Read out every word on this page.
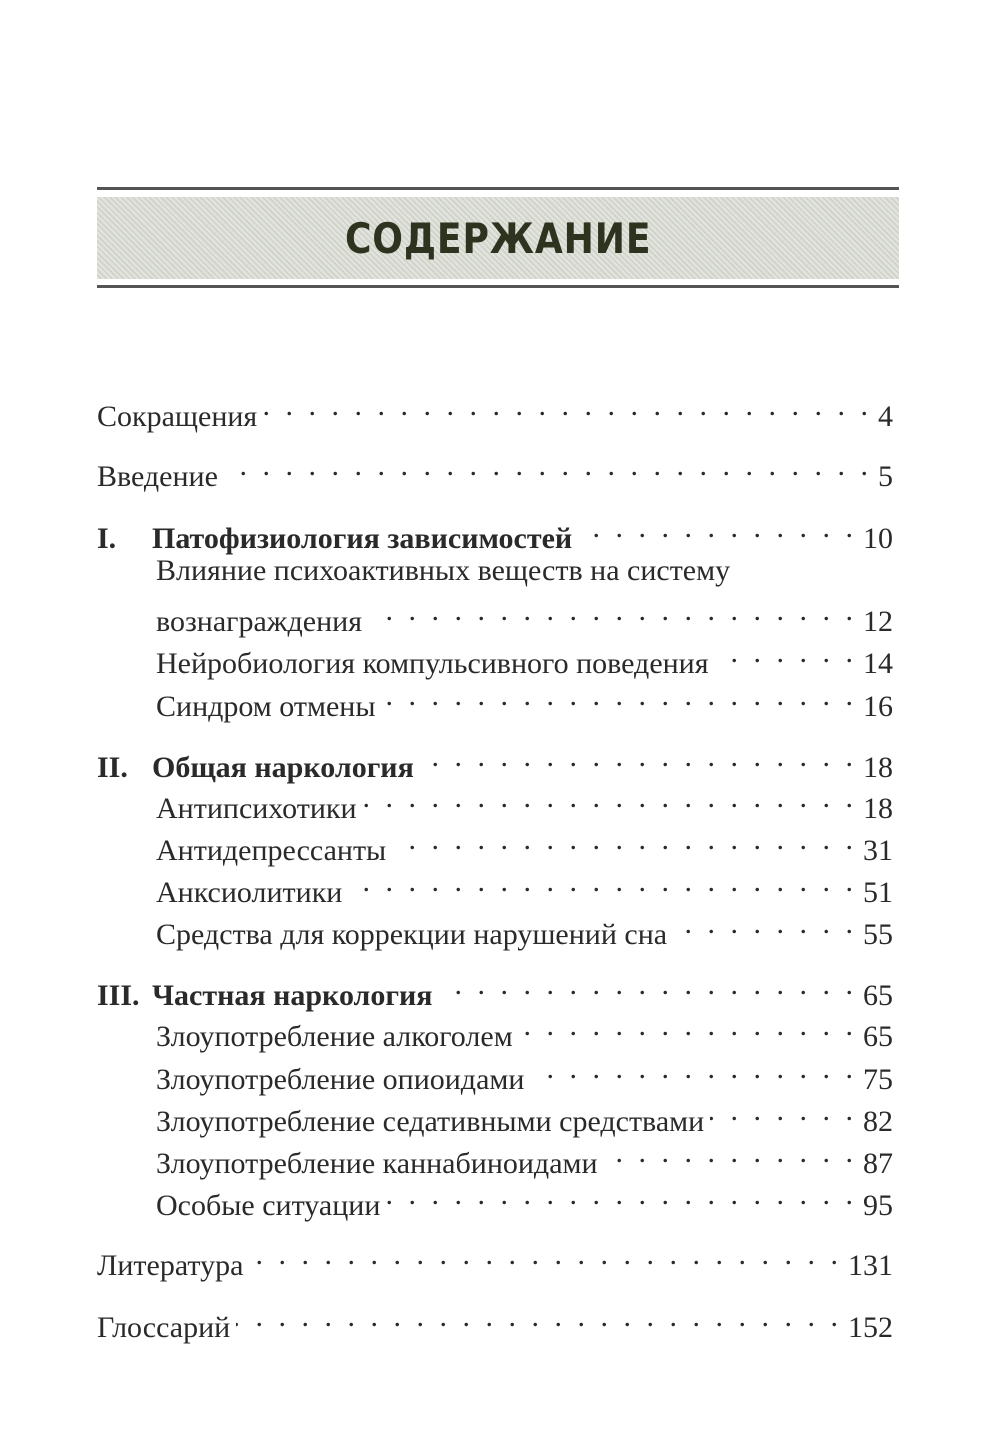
СОДЕРЖАНИЕ
Сокращения . . .	4
Введение . . .	5
I.	Патофизиология зависимостей . . .	10
Влияние психоактивных веществ на систему
вознаграждения . . .	12
Нейробиология компульсивного поведения . . .	14
Синдром отмены . . .	16
II. Общая наркология . . .	18
Антипсихотики . . .	18
Антидепрессанты . . .	31
Анксиолитики . . .	51
Средства для коррекции нарушений сна . . .	55
III. Частная наркология . . .	65
Злоупотребление алкоголем . . .	65
Злоупотребление опиоидами . . .	75
Злоупотребление седативными средствами . . .	82
Злоупотребление каннабиноидами . . .	87
Особые ситуации . . .	95
Литература . . .	131
Глоссарий . . .	152
